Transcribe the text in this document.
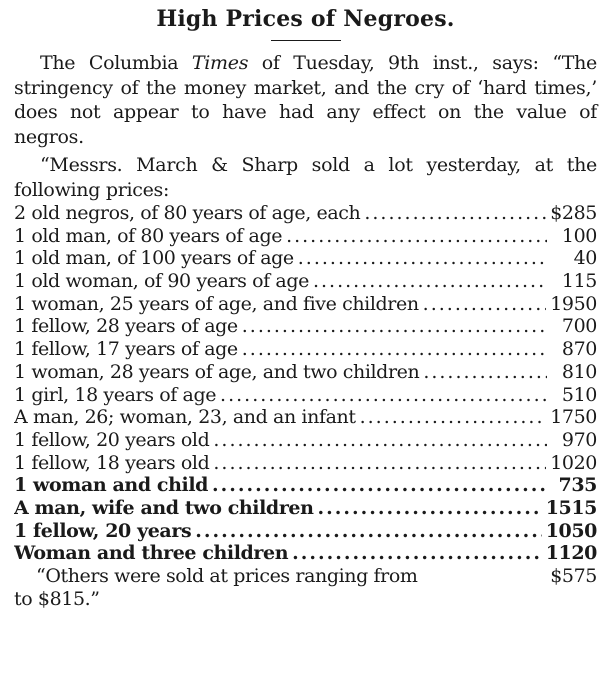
High Prices of Negroes.

The Columbia Times of Tuesday, 9th inst., says: “The stringency of the money market, and the cry of ‘hard times,’ does not appear to have had any effect on the value of negros.

“Messrs. March & Sharp sold a lot yesterday, at the following prices:

2 old negros, of 80 years of age, each .....	$285
1 old man, of 80 years of age .....	100
1 old man, of 100 years of age .....	40
1 old woman, of 90 years of age .....	115
1 woman, 25 years of age, and five children .....	1950
1 fellow, 28 years of age .....	700
1 fellow, 17 years of age .....	870
1 woman, 28 years of age, and two children .....	810
1 girl, 18 years of age .....	510
A man, 26; woman, 23, and an infant .....	1750
1 fellow, 20 years old .....	970
1 fellow, 18 years old .....	1020
1 woman and child .....	735
A man, wife and two children .....	1515
1 fellow, 20 years .....	1050
Woman and three children .....	1120
“Others were sold at prices ranging from	$575
to $815.”
